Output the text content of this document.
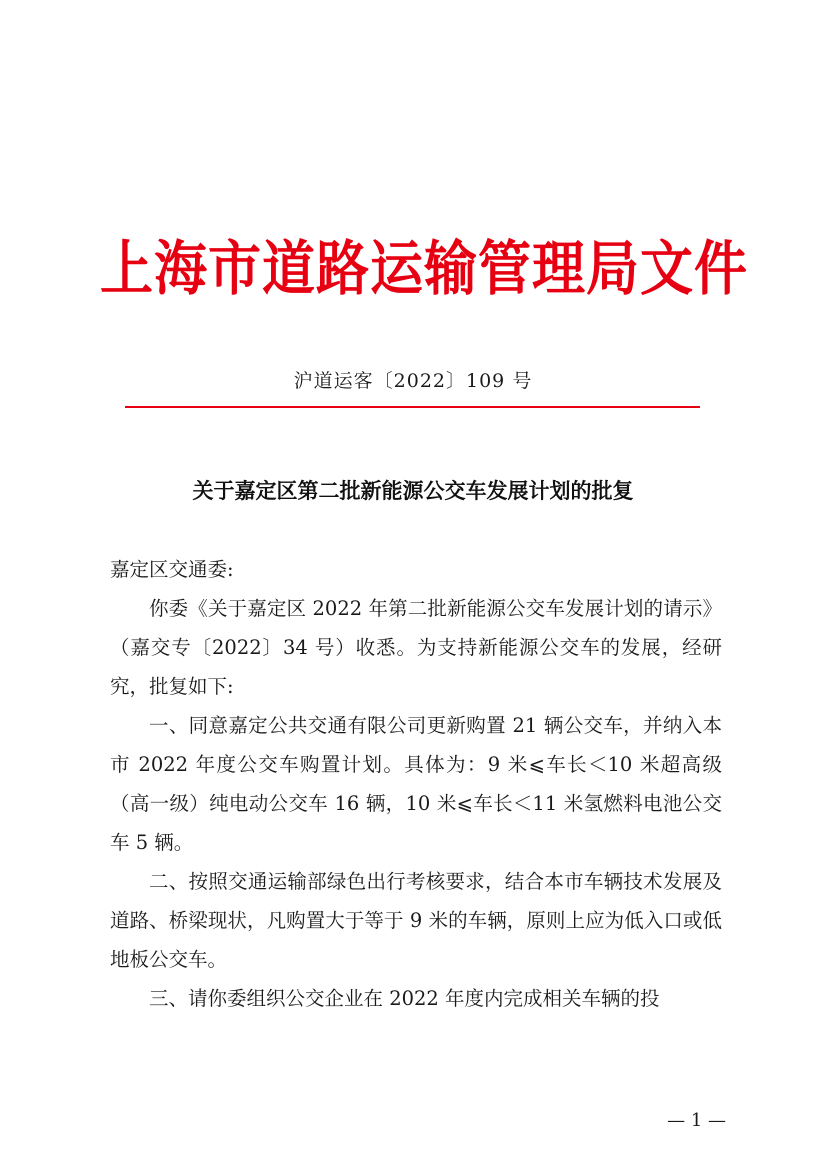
上海市道路运输管理局文件
沪道运客〔2022〕109 号
关于嘉定区第二批新能源公交车发展计划的批复

嘉定区交通委:

你委《关于嘉定区 2022 年第二批新能源公交车发展计划的请示》（嘉交专〔2022〕34 号）收悉。为支持新能源公交车的发展，经研究，批复如下:

一、同意嘉定公共交通有限公司更新购置 21 辆公交车，并纳入本市 2022 年度公交车购置计划。具体为：9 米⩽车长＜10 米超高级（高一级）纯电动公交车 16 辆，10 米⩽车长＜11 米氢燃料电池公交车 5 辆。

二、按照交通运输部绿色出行考核要求，结合本市车辆技术发展及道路、桥梁现状，凡购置大于等于 9 米的车辆，原则上应为低入口或低地板公交车。

三、请你委组织公交企业在 2022 年度内完成相关车辆的投

— 1 —
